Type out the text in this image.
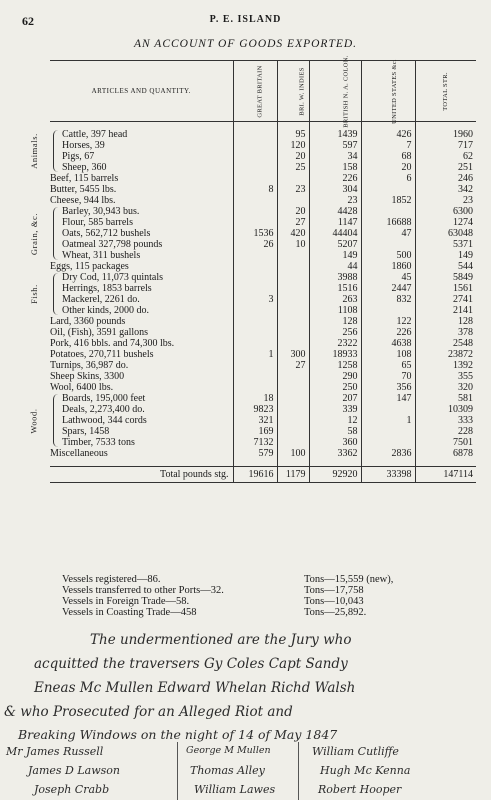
62	P. E. ISLAND
AN ACCOUNT OF GOODS EXPORTED.
ARTICLES AND QUANTITY.	GREAT BRITAIN	BRI. W. INDIES	BRITISH N. A. COLON.	UNITED STATES &c.	TOTAL STR.

Cattle, 397 head		95	1439	426	1960
Horses, 39		120	597	7	717
Pigs, 67		20	34	68	62
Sheep, 360		25	158	20	251
Beef, 115 barrels			226	6	246
Butter, 5455 lbs.	8	23	304		342
Cheese, 944 lbs.			23	1852	23
Barley, 30,943 bus.		20	4428		6300
Flour, 585 barrels		27	1147	16688	1274
Oats, 562,712 bushels	1536	420	44404	47	63048
Oatmeal 327,798 pounds	26	10	5207		5371
Wheat, 311 bushels			149	500	149
Eggs, 115 packages			44	1860	544
Dry Cod, 11,073 quintals			3988	45	5849
Herrings, 1853 barrels			1516	2447	1561
Mackerel, 2261 do.	3		263	832	2741
Other kinds, 2000 do.			1108		2141
Lard, 3360 pounds			128	122	128
Oil, (Fish), 3591 gallons			256	226	378
Pork, 416 bbls. and 74,300 lbs.			2322	4638	2548
Potatoes, 270,711 bushels	1	300	18933	108	23872
Turnips, 36,987 do.		27	1258	65	1392
Sheep Skins, 3300			290	70	355
Wool, 6400 lbs.			250	356	320
Boards, 195,000 feet	18		207	147	581
Deals, 2,273,400 do.	9823		339		10309
Lathwood, 344 cords	321		12	1	333
Spars, 1458	169		58		228
Timber, 7533 tons	7132		360		7501
Miscellaneous	579	100	3362	2836	6878

Total pounds stg.	19616	1179	92920	33398	147114
Vessels registered—86.	Tons—15,559 (new),
Vessels transferred to other Ports—32.	Tons—17,758
Vessels in Foreign Trade—58.	Tons—10,043
Vessels in Coasting Trade—458	Tons—25,892.
The undermentioned are the Jury who
acquitted the traversers Gy Coles Capt Sandy
Eneas Mc Mullen Edward Whelan Richd Walsh
& who Prosecuted for an Alleged Riot and
Breaking Windows on the night of 14 of May 1847
Mr James Russell
James D Lawson
Joseph Crabb
George M Mullen
Thomas Alley
William Lawes
William Cutliffe
Hugh Mc Kenna
Robert Hooper
Animals.
Grain, &c.
Fish.
Wood.
